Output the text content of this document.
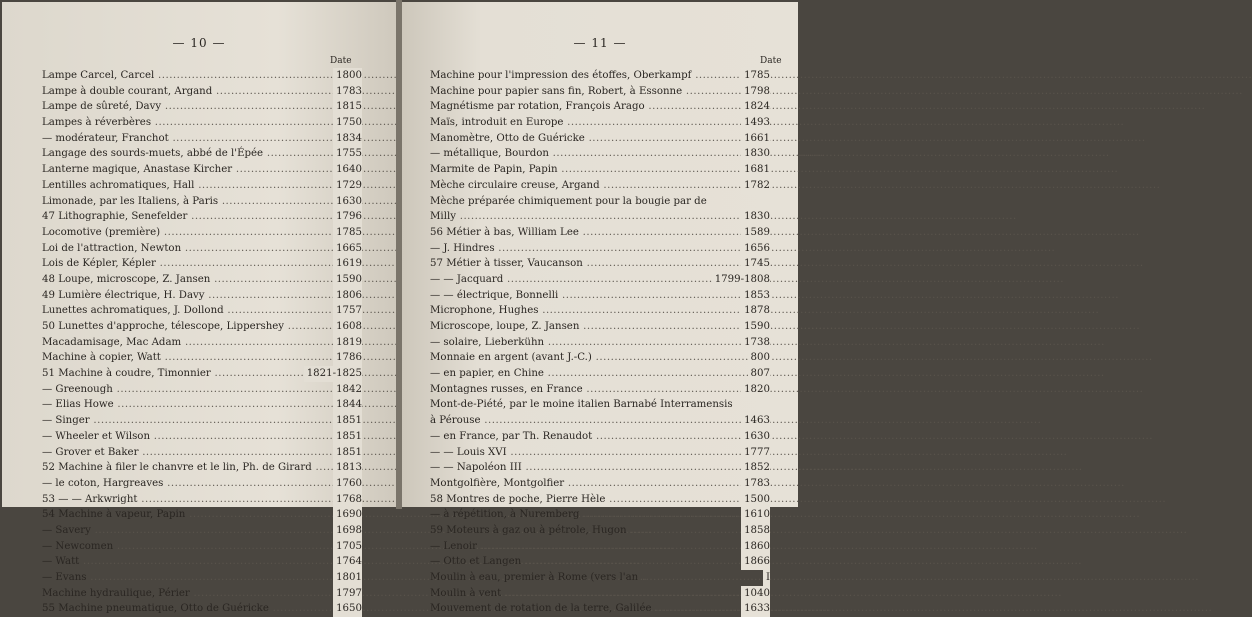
— 10 —
Date
Lampe Carcel, Carcel .....	1800
Lampe à double courant, Argand .....	1783
Lampe de sûreté, Davy .....	1815
Lampes à réverbères .....	1750
— modérateur, Franchot .....	1834
Langage des sourds-muets, abbé de l'Épée .....	1755
Lanterne magique, Anastase Kircher .....	1640
Lentilles achromatiques, Hall .....	1729
Limonade, par les Italiens, à Paris .....	1630
47 Lithographie, Senefelder .....	1796
Locomotive (première) .....	1785
Loi de l'attraction, Newton .....	1665
Lois de Képler, Képler .....	1619
48 Loupe, microscope, Z. Jansen .....	1590
49 Lumière électrique, H. Davy .....	1806
Lunettes achromatiques, J. Dollond .....	1757
50 Lunettes d'approche, télescope, Lippershey .....	1608
Macadamisage, Mac Adam .....	1819
Machine à copier, Watt .....	1786
51 Machine à coudre, Timonnier .....	1821-1825
— Greenough .....	1842
— Elias Howe .....	1844
— Singer .....	1851
— Wheeler et Wilson .....	1851
— Grover et Baker .....	1851
52 Machine à filer le chanvre et le lin, Ph. de Girard ..... 1813
— le coton, Hargreaves .....	1760
53 — — Arkwright .....	1768
54 Machine à vapeur, Papin .....	1690
— Savery .....	1698
— Newcomen .....	1705
— Watt .....	1764
— Evans .....	1801
Machine hydraulique, Périer .....	1797
55 Machine pneumatique, Otto de Guéricke .....	1650
— 11 —
Date
Machine pour l'impression des étoffes, Oberkampf .....	1785
Machine pour papier sans fin, Robert, à Essonne .....	1798
Magnétisme par rotation, François Arago .....	1824
Maïs, introduit en Europe .....	1493
Manomètre, Otto de Guéricke .....	1661
— métallique, Bourdon .....	1830
Marmite de Papin, Papin .....	1681
Mèche circulaire creuse, Argand .....	1782
Mèche préparée chimiquement pour la bougie par de
Milly .....	1830
56 Métier à bas, William Lee .....	1589
— J. Hindres .....	1656
57 Métier à tisser, Vaucanson .....	1745
— — Jacquard .....	1799-1808
— — électrique, Bonnelli .....	1853
Microphone, Hughes .....	1878
Microscope, loupe, Z. Jansen .....	1590
— solaire, Lieberkühn .....	1738
Monnaie en argent (avant J.-C.) .....	800
— en papier, en Chine .....	807
Montagnes russes, en France .....	1820
Mont-de-Piété, par le moine italien Barnabé Interramensis
à Pérouse .....	1463
— en France, par Th. Renaudot .....	1630
— — Louis XVI .....	1777
— — Napoléon III .....	1852
Montgolfière, Montgolfier .....	1783
58 Montres de poche, Pierre Hèle .....	1500
— à répétition, à Nuremberg .....	1610
59 Moteurs à gaz ou à pétrole, Hugon .....	1858
— Lenoir .....	1860
— Otto et Langen .....	1866
Moulin à eau, premier à Rome (vers l'an .....	I
Moulin à vent .....	1040
Mouvement de rotation de la terre, Galilée .....	1633
